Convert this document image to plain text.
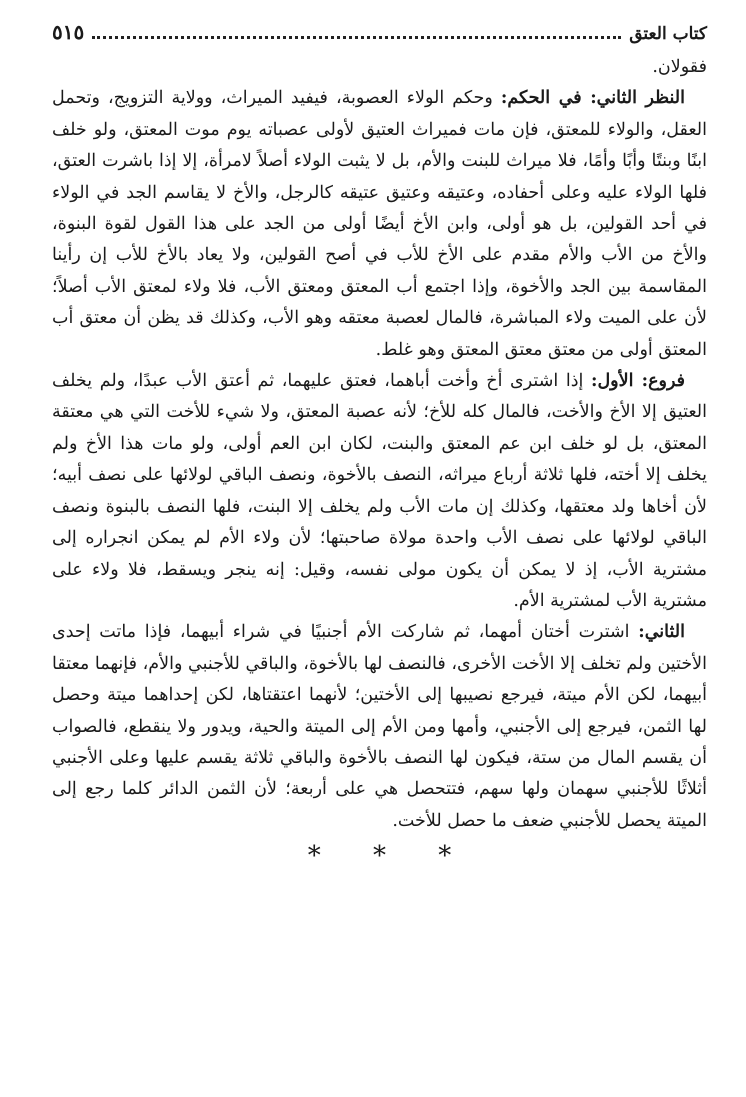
كتاب العتق
٥١٥

فقولان.

النظر الثاني: في الحكم: وحكم الولاء العصوبة، فيفيد الميراث، وولاية التزويج، وتحمل العقل، والولاء للمعتق، فإن مات فميراث العتيق لأولى عصباته يوم موت المعتق، ولو خلف ابنًا وبنتًا وأبًا وأمًا، فلا ميراث للبنت والأم، بل لا يثبت الولاء أصلاً لامرأة، إلا إذا باشرت العتق، فلها الولاء عليه وعلى أحفاده، وعتيقه وعتيق عتيقه كالرجل، والأخ لا يقاسم الجد في الولاء في أحد القولين، بل هو أولى، وابن الأخ أيضًا أولى من الجد على هذا القول لقوة البنوة، والأخ من الأب والأم مقدم على الأخ للأب في أصح القولين، ولا يعاد بالأخ للأب إن رأينا المقاسمة بين الجد والأخوة، وإذا اجتمع أب المعتق ومعتق الأب، فلا ولاء لمعتق الأب أصلاً؛ لأن على الميت ولاء المباشرة، فالمال لعصبة معتقه وهو الأب، وكذلك قد يظن أن معتق أب المعتق أولى من معتق معتق المعتق وهو غلط.

فروع: الأول: إذا اشترى أخ وأخت أباهما، فعتق عليهما، ثم أعتق الأب عبدًا، ولم يخلف العتيق إلا الأخ والأخت، فالمال كله للأخ؛ لأنه عصبة المعتق، ولا شيء للأخت التي هي معتقة المعتق، بل لو خلف ابن عم المعتق والبنت، لكان ابن العم أولى، ولو مات هذا الأخ ولم يخلف إلا أخته، فلها ثلاثة أرباع ميراثه، النصف بالأخوة، ونصف الباقي لولائها على نصف أبيه؛ لأن أخاها ولد معتقها، وكذلك إن مات الأب ولم يخلف إلا البنت، فلها النصف بالبنوة ونصف الباقي لولائها على نصف الأب واحدة مولاة صاحبتها؛ لأن ولاء الأم لم يمكن انجراره إلى مشترية الأب، إذ لا يمكن أن يكون مولى نفسه، وقيل: إنه ينجر ويسقط، فلا ولاء على مشترية الأب لمشترية الأم.

الثاني: اشترت أختان أمهما، ثم شاركت الأم أجنبيًا في شراء أبيهما، فإذا ماتت إحدى الأختين ولم تخلف إلا الأخت الأخرى، فالنصف لها بالأخوة، والباقي للأجنبي والأم، فإنهما معتقا أبيهما، لكن الأم ميتة، فيرجع نصيبها إلى الأختين؛ لأنهما اعتقتاها، لكن إحداهما ميتة وحصل لها الثمن، فيرجع إلى الأجنبي، وأمها ومن الأم إلى الميتة والحية، ويدور ولا ينقطع، فالصواب أن يقسم المال من ستة، فيكون لها النصف بالأخوة والباقي ثلاثة يقسم عليها وعلى الأجنبي أثلاثًا للأجنبي سهمان ولها سهم، فتتحصل هي على أربعة؛ لأن الثمن الدائر كلما رجع إلى الميتة يحصل للأجنبي ضعف ما حصل للأخت.

* * *
